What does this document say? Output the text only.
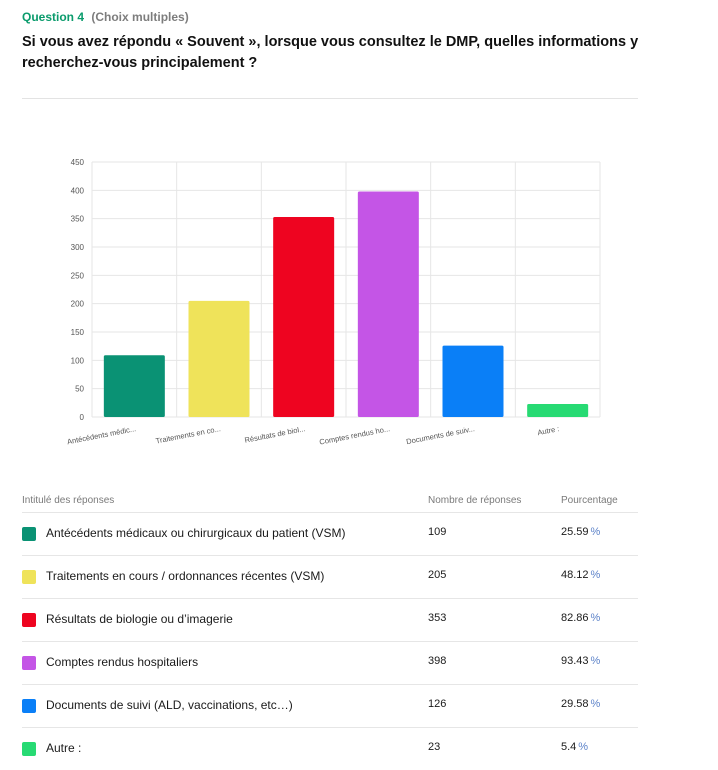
Question 4 (Choix multiples)
Si vous avez répondu « Souvent », lorsque vous consultez le DMP, quelles informations y recherchez-vous principalement ?
0
50
100
150
200
250
300
350
400
450
Antécédents médic... Traitements en co...	Résultats de biol... Comptes rendus ho... Documents de suiv...	Autre :
Intitulé des réponses	Nombre de réponses	Pourcentage
Antécédents médicaux ou chirurgicaux du patient (VSM)	109	25.59 %
Traitements en cours / ordonnances récentes (VSM)	205	48.12 %
Résultats de biologie ou d’imagerie	353	82.86 %
Comptes rendus hospitaliers	398	93.43 %
Documents de suivi (ALD, vaccinations, etc…)	126	29.58 %
Autre :	23	5.4 %
